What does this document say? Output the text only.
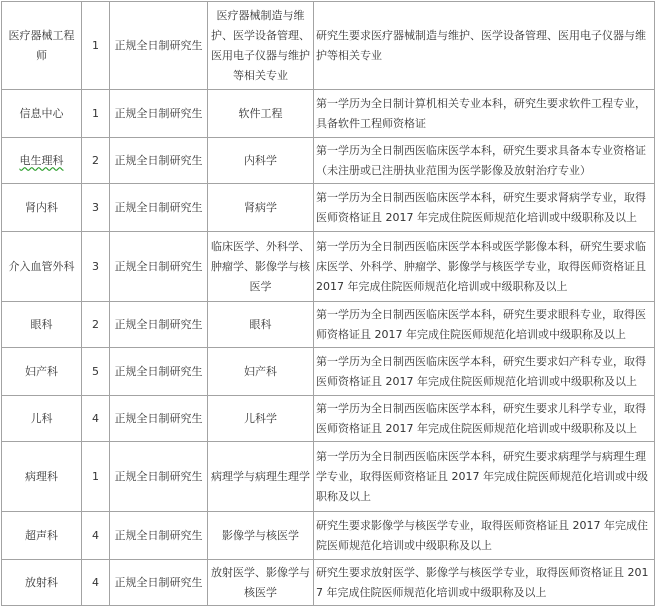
医疗器械工程师	1	正规全日制研究生	医疗器械制造与维护、医学设备管理、医用电子仪器与维护等相关专业	研究生要求医疗器械制造与维护、医学设备管理、医用电子仪器与维护等相关专业
信息中心	1	正规全日制研究生	软件工程	第一学历为全日制计算机相关专业本科，研究生要求软件工程专业，具备软件工程师资格证
电生理科	2	正规全日制研究生	内科学	第一学历为全日制西医临床医学本科，研究生要求具备本专业资格证（未注册或已注册执业范围为医学影像及放射治疗专业）
肾内科	3	正规全日制研究生	肾病学	第一学历为全日制西医临床医学本科，研究生要求肾病学专业，取得医师资格证且 2017 年完成住院医师规范化培训或中级职称及以上
介入血管外科	3	正规全日制研究生	临床医学、外科学、肿瘤学、影像学与核医学	第一学历为全日制西医临床医学本科或医学影像本科，研究生要求临床医学、外科学、肿瘤学、影像学与核医学专业，取得医师资格证且 2017 年完成住院医师规范化培训或中级职称及以上
眼科	2	正规全日制研究生	眼科	第一学历为全日制西医临床医学本科，研究生要求眼科专业，取得医师资格证且 2017 年完成住院医师规范化培训或中级职称及以上
妇产科	5	正规全日制研究生	妇产科	第一学历为全日制西医临床医学本科，研究生要求妇产科专业，取得医师资格证且 2017 年完成住院医师规范化培训或中级职称及以上
儿科	4	正规全日制研究生	儿科学	第一学历为全日制西医临床医学本科，研究生要求儿科学专业，取得医师资格证且 2017 年完成住院医师规范化培训或中级职称及以上
病理科	1	正规全日制研究生	病理学与病理生理学	第一学历为全日制西医临床医学本科，研究生要求病理学与病理生理学专业，取得医师资格证且 2017 年完成住院医师规范化培训或中级职称及以上
超声科	4	正规全日制研究生	影像学与核医学	研究生要求影像学与核医学专业，取得医师资格证且 2017 年完成住院医师规范化培训或中级职称及以上
放射科	4	正规全日制研究生	放射医学、影像学与核医学	研究生要求放射医学、影像学与核医学专业，取得医师资格证且 2017 年完成住院医师规范化培训或中级职称及以上
